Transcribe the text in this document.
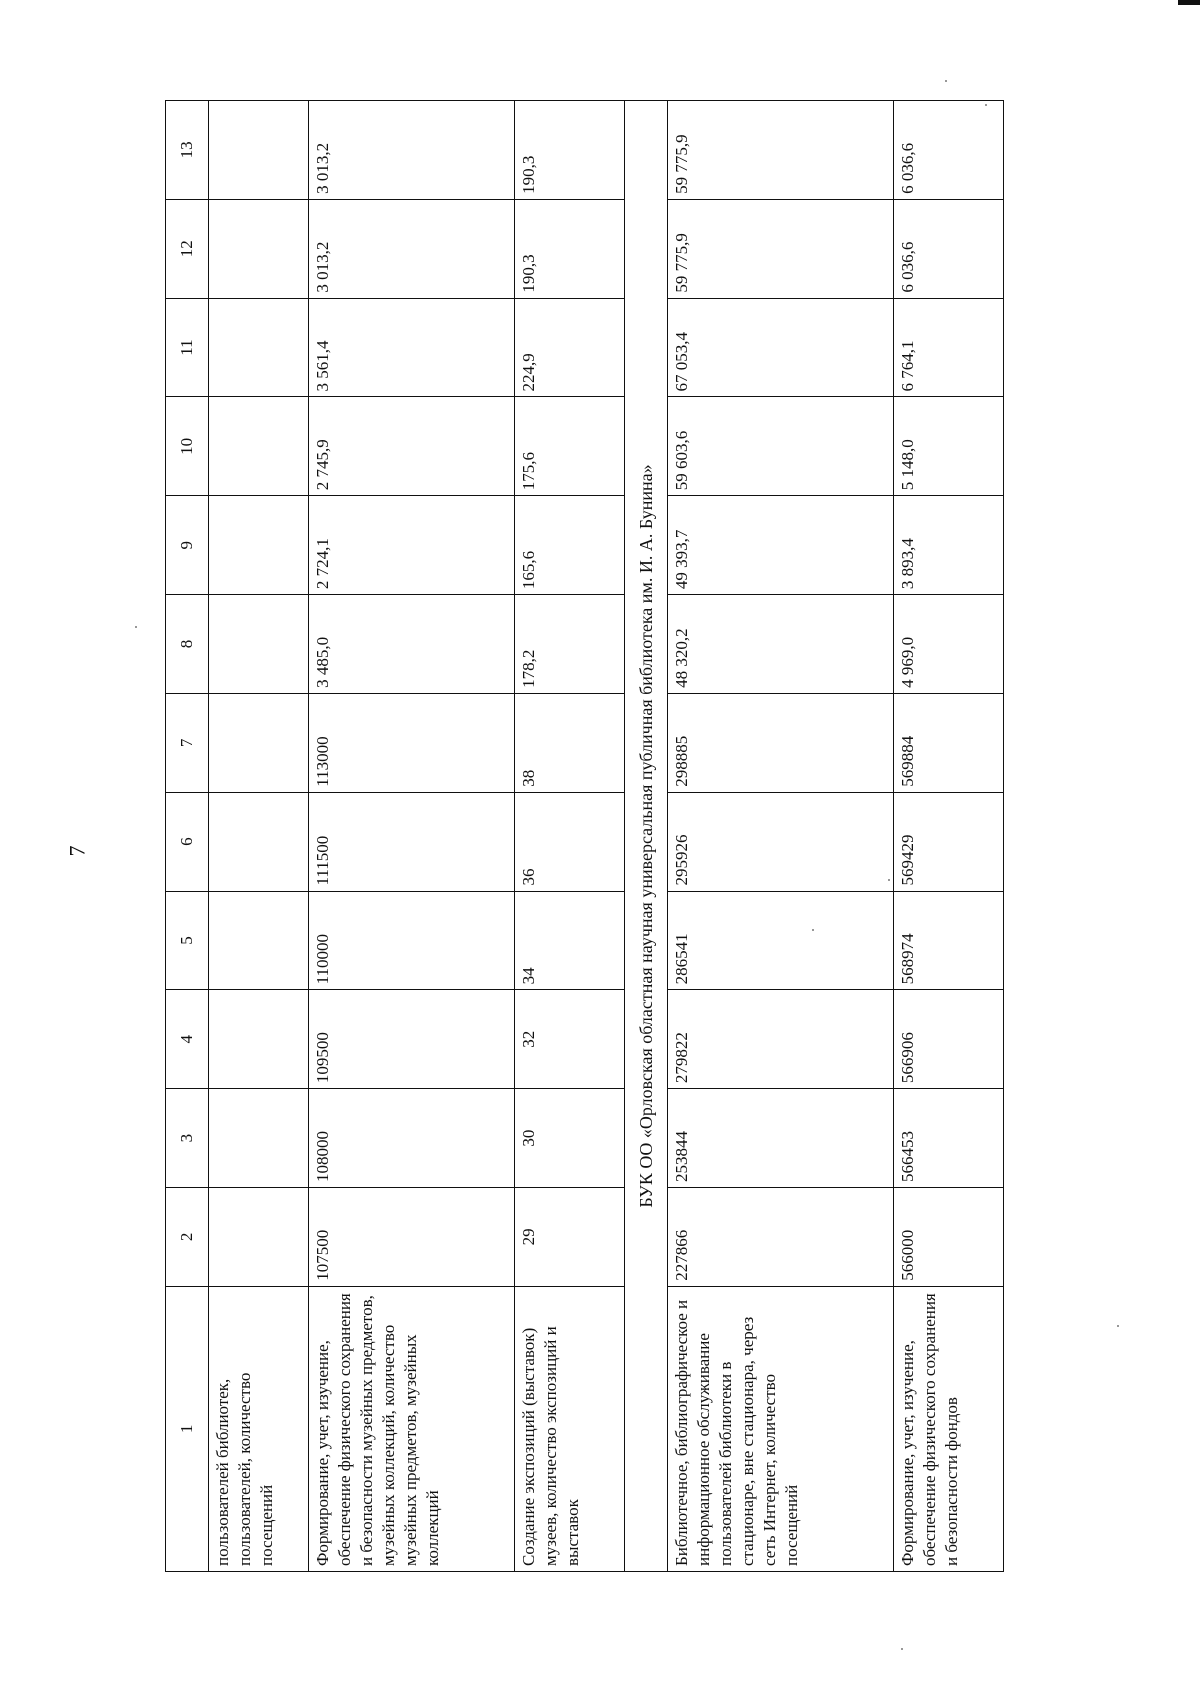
7
1	2	3	4	5	6	7	8	9	10	11	12	13
пользователей библиотек, пользователей, количество посещений												
Формирование, учет, изучение, обеспечение физического сохранения и безопасности музейных предметов, музейных коллекций, количество музейных предметов, музейных коллекций	107500	108000	109500	110000	111500	113000	3 485,0	2 724,1	2 745,9	3 561,4	3 013,2	3 013,2
Создание экспозиций (выставок) музеев, количество экспозиций и выставок	29	30	32	34	36	38	178,2	165,6	175,6	224,9	190,3	190,3
БУК ОО «Орловская областная научная универсальная публичная библиотека им. И. А. Бунина»												
Библиотечное, библиографическое и информационное обслуживание пользователей библиотеки в стационаре, вне стационара, через сеть Интернет, количество посещений	227866	253844	279822	286541	295926	298885	48 320,2	49 393,7	59 603,6	67 053,4	59 775,9	59 775,9
Формирование, учет, изучение, обеспечение физического сохранения и безопасности фондов	566000	566453	566906	568974	569429	569884	4 969,0	3 893,4	5 148,0	6 764,1	6 036,6	6 036,6
